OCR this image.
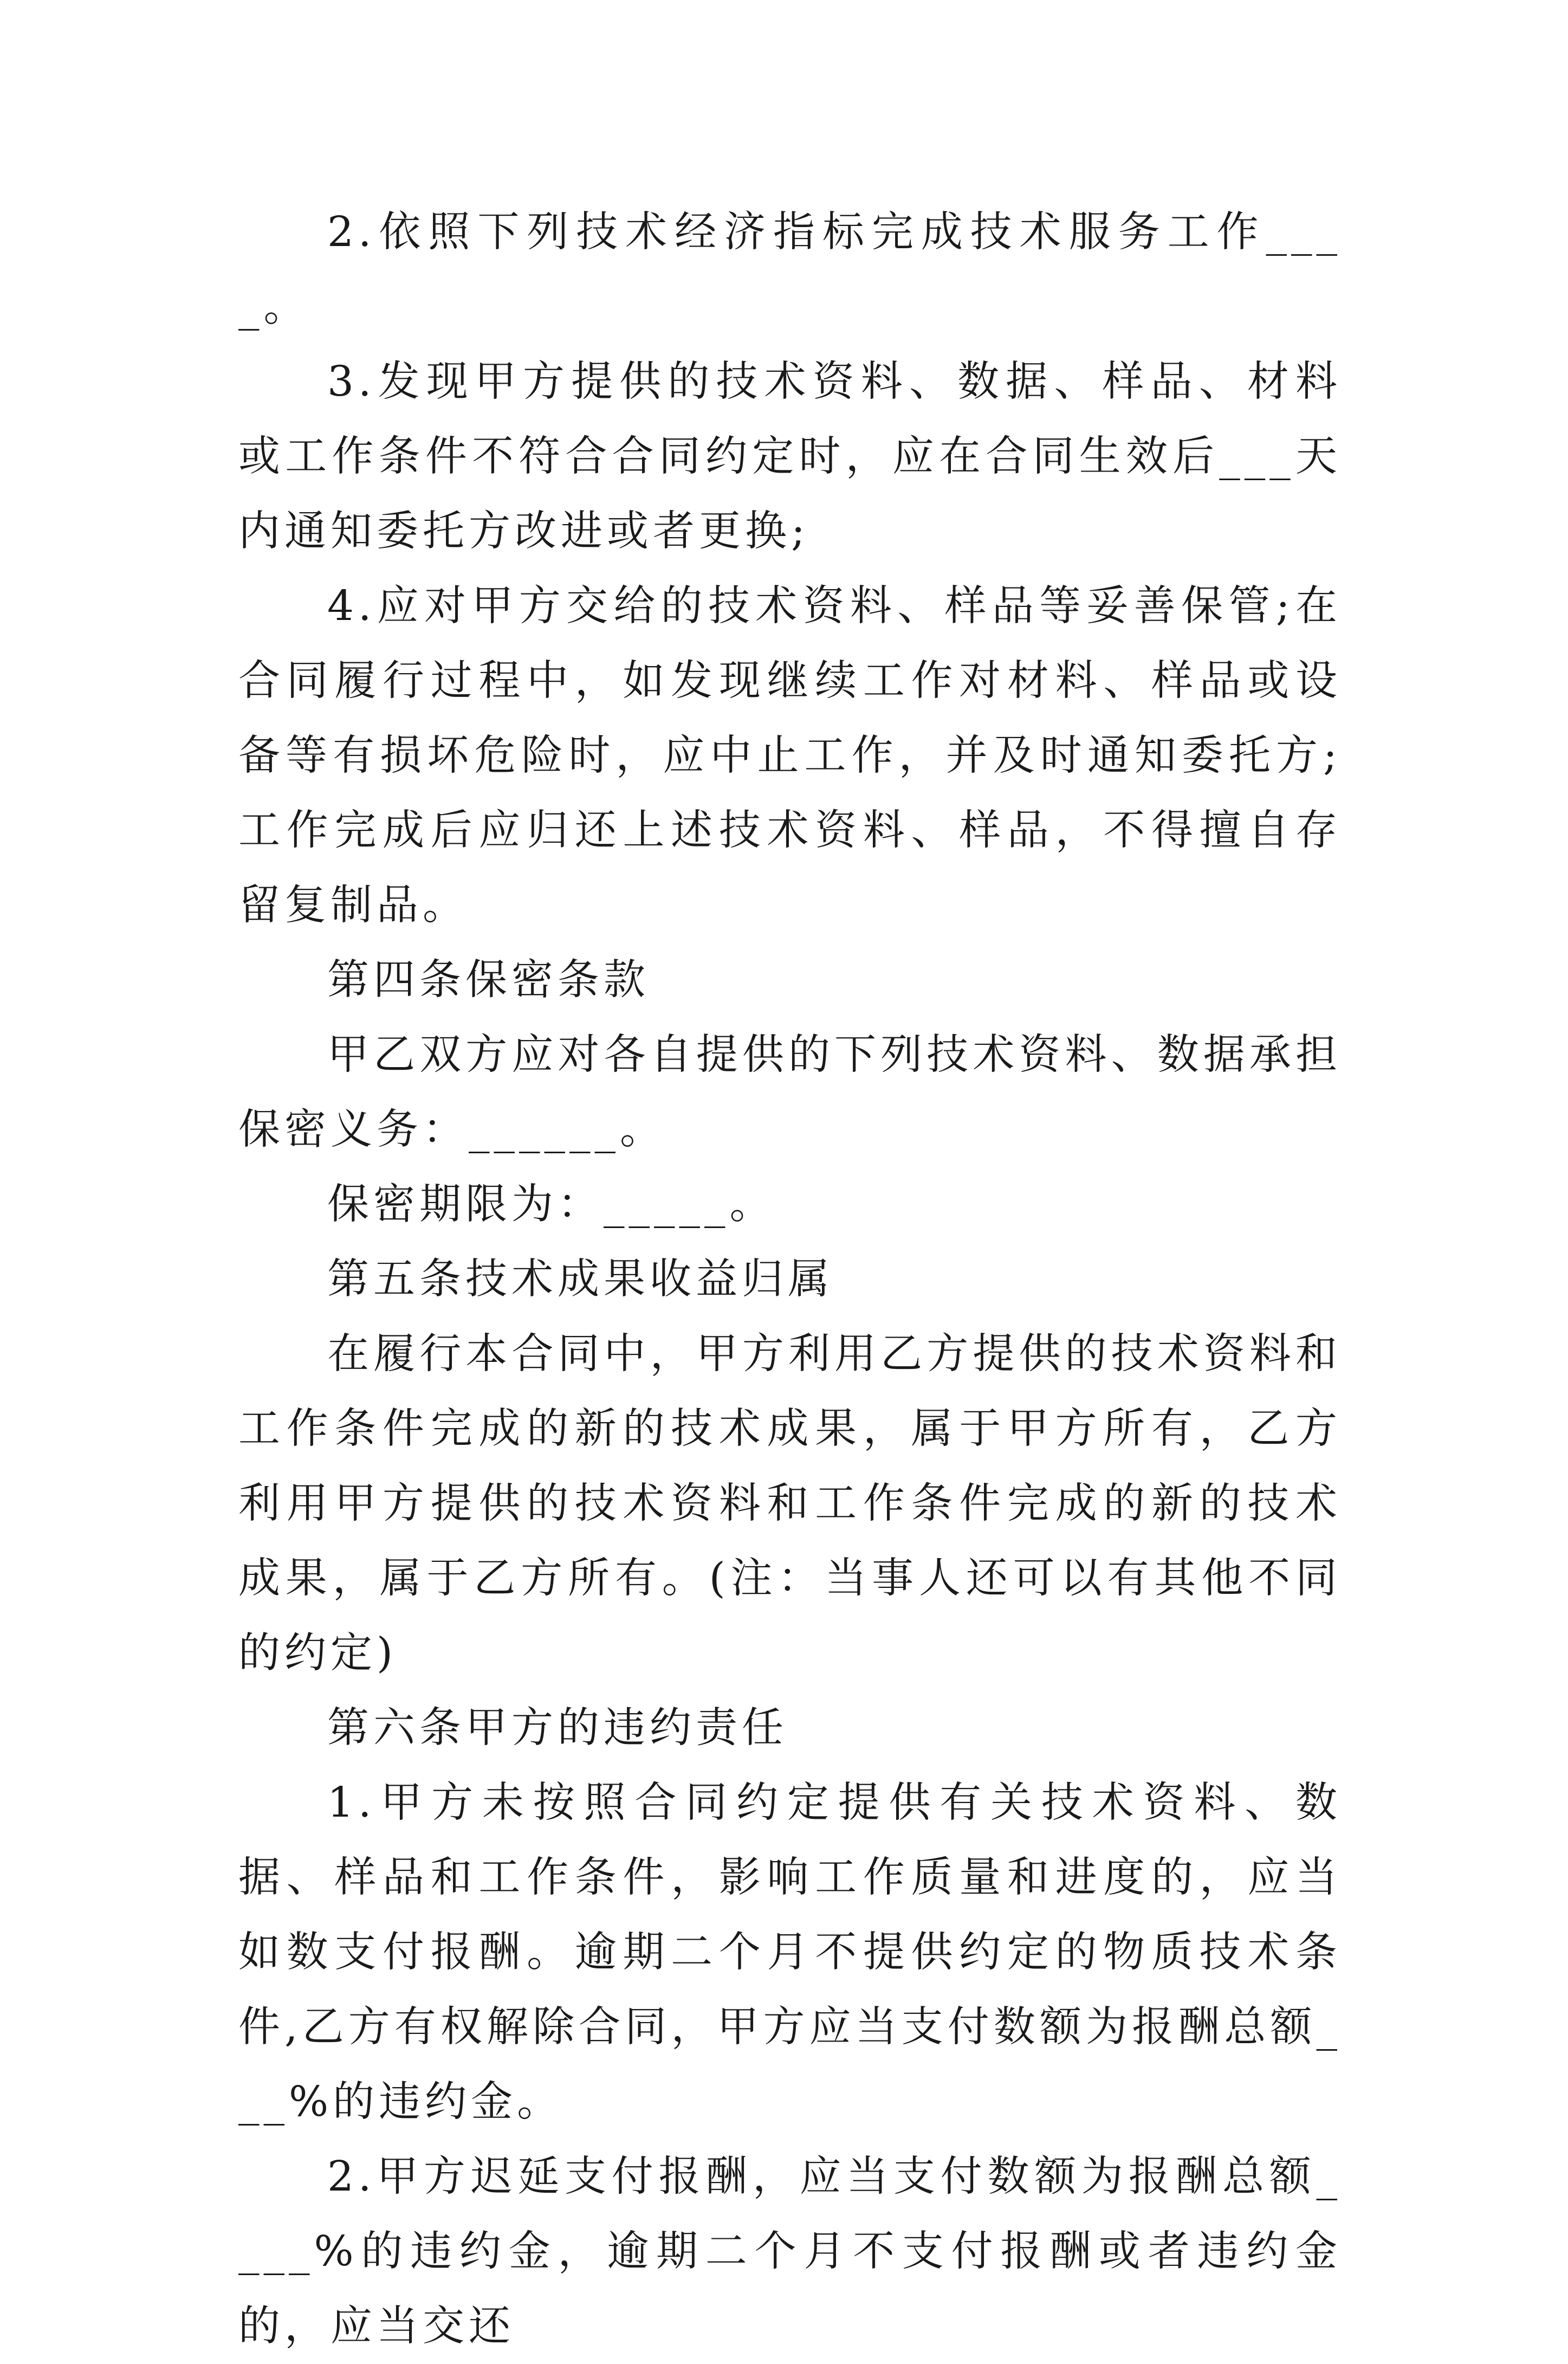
2.依照下列技术经济指标完成技术服务工作____。

3.发现甲方提供的技术资料、数据、样品、材料或工作条件不符合合同约定时，应在合同生效后___天内通知委托方改进或者更换;

4.应对甲方交给的技术资料、样品等妥善保管;在合同履行过程中，如发现继续工作对材料、样品或设备等有损坏危险时，应中止工作，并及时通知委托方;工作完成后应归还上述技术资料、样品，不得擅自存留复制品。

第四条保密条款

甲乙双方应对各自提供的下列技术资料、数据承担保密义务：______。

保密期限为：_____。

第五条技术成果收益归属

在履行本合同中，甲方利用乙方提供的技术资料和工作条件完成的新的技术成果，属于甲方所有，乙方利用甲方提供的技术资料和工作条件完成的新的技术成果，属于乙方所有。(注：当事人还可以有其他不同的约定)

第六条甲方的违约责任

1.甲方未按照合同约定提供有关技术资料、数据、样品和工作条件，影响工作质量和进度的，应当如数支付报酬。逾期二个月不提供约定的物质技术条件,乙方有权解除合同，甲方应当支付数额为报酬总额___%的违约金。

2.甲方迟延支付报酬，应当支付数额为报酬总额____%的违约金，逾期二个月不支付报酬或者违约金的，应当交还
